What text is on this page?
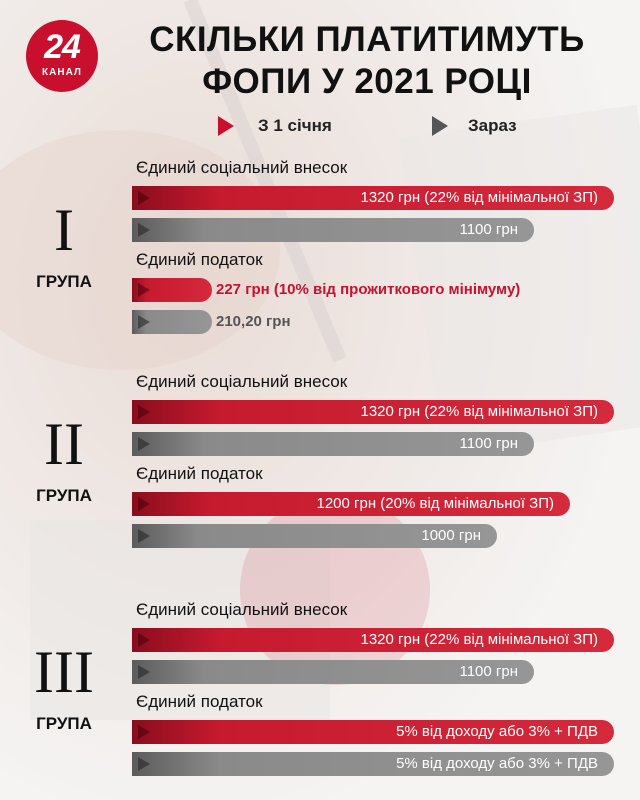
24
КАНАЛ
СКІЛЬКИ ПЛАТИТИМУТЬ
ФОПИ У 2021 РОЦІ
З 1 січня	Зараз
I
ГРУПА
Єдиний соціальний внесок
1320 грн (22% від мінімальної ЗП)
1100 грн
Єдиний податок
227 грн (10% від прожиткового мінімуму)
210,20 грн
II
ГРУПА
Єдиний соціальний внесок
1320 грн (22% від мінімальної ЗП)
1100 грн
Єдиний податок
1200 грн (20% від мінімальної ЗП)
1000 грн
III
ГРУПА
Єдиний соціальний внесок
1320 грн (22% від мінімальної ЗП)
1100 грн
Єдиний податок
5% від доходу або 3% + ПДВ
5% від доходу або 3% + ПДВ
